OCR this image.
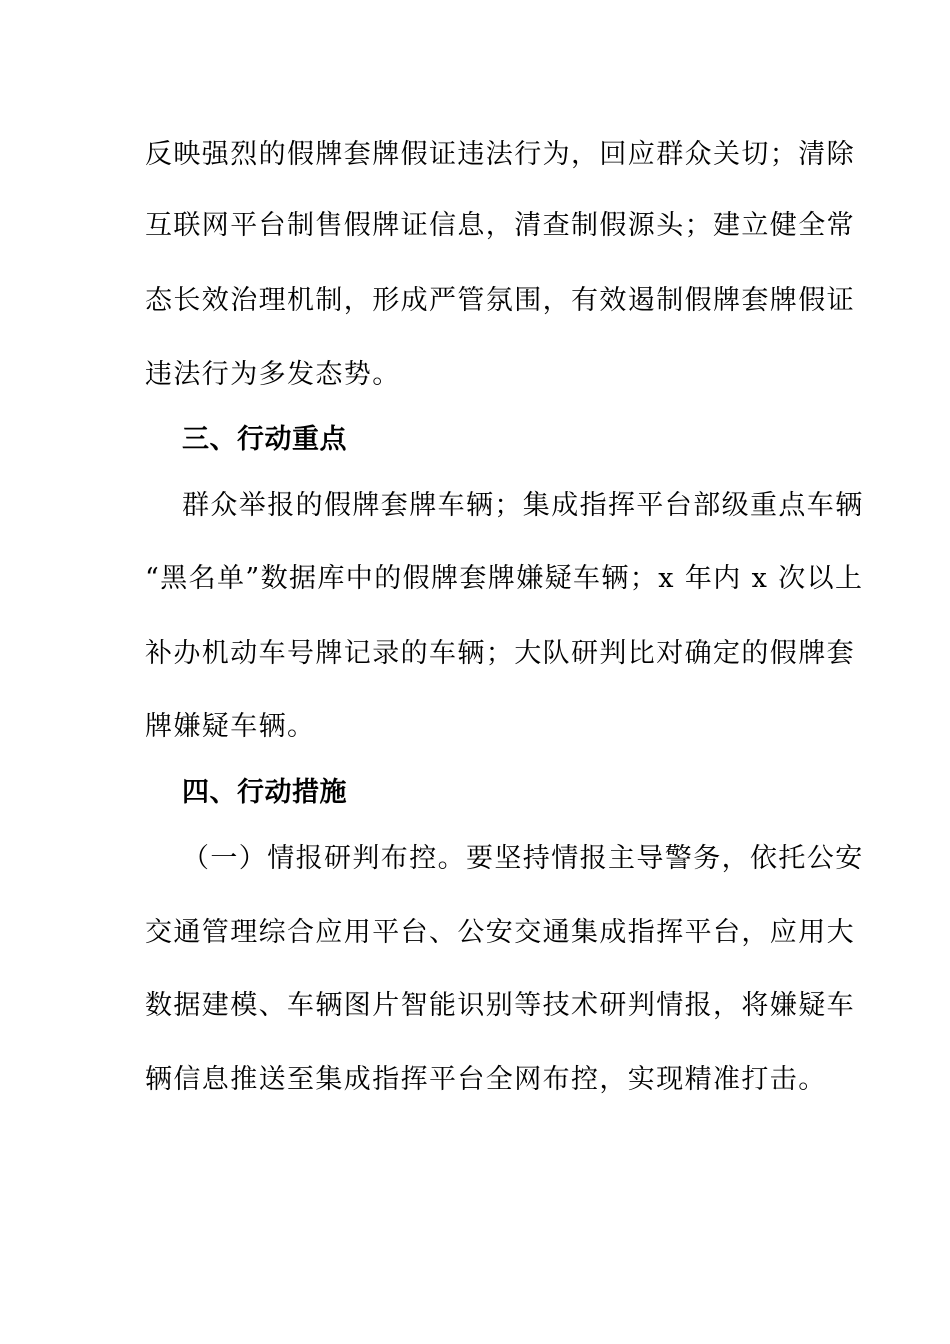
反映强烈的假牌套牌假证违法行为，回应群众关切；清除
互联网平台制售假牌证信息，清查制假源头；建立健全常
态长效治理机制，形成严管氛围，有效遏制假牌套牌假证
违法行为多发态势。
三、行动重点
群众举报的假牌套牌车辆；集成指挥平台部级重点车辆
“黑名单”数据库中的假牌套牌嫌疑车辆；x 年内 x 次以上
补办机动车号牌记录的车辆；大队研判比对确定的假牌套
牌嫌疑车辆。
四、行动措施
（一）情报研判布控。要坚持情报主导警务，依托公安
交通管理综合应用平台、公安交通集成指挥平台，应用大
数据建模、车辆图片智能识别等技术研判情报，将嫌疑车
辆信息推送至集成指挥平台全网布控，实现精准打击。
